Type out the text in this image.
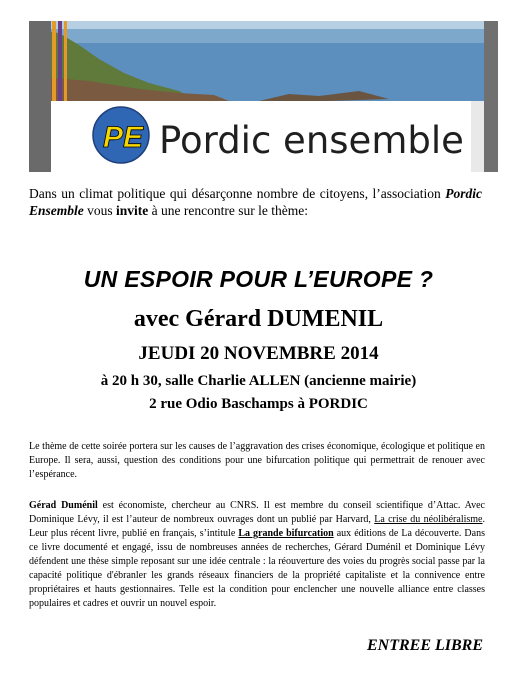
PE Pordic ensemble
Dans un climat politique qui désarçonne nombre de citoyens, l’association Pordic Ensemble vous invite à une rencontre sur le thème:
UN ESPOIR POUR L’EUROPE ?
avec Gérard DUMENIL
JEUDI 20 NOVEMBRE 2014
à 20 h 30, salle Charlie ALLEN (ancienne mairie)
2 rue Odio Baschamps à PORDIC
Le thème de cette soirée portera sur les causes de l’aggravation des crises économique, écologique et politique en Europe. Il sera, aussi, question des conditions pour une bifurcation politique qui permettrait de renouer avec l’espérance.
Gérad Duménil est économiste, chercheur au CNRS. Il est membre du conseil scientifique d’Attac. Avec Dominique Lévy, il est l’auteur de nombreux ouvrages dont un publié par Harvard, La crise du néolibéralisme. Leur plus récent livre, publié en français, s’intitule La grande bifurcation aux éditions de La découverte. Dans ce livre documenté et engagé, issu de nombreuses années de recherches, Gérard Duménil et Dominique Lévy défendent une thèse simple reposant sur une idée centrale : la réouverture des voies du progrès social passe par la capacité politique d'ébranler les grands réseaux financiers de la propriété capitaliste et la connivence entre propriétaires et hauts gestionnaires. Telle est la condition pour enclencher une nouvelle alliance entre classes populaires et cadres et ouvrir un nouvel espoir.
ENTREE LIBRE
